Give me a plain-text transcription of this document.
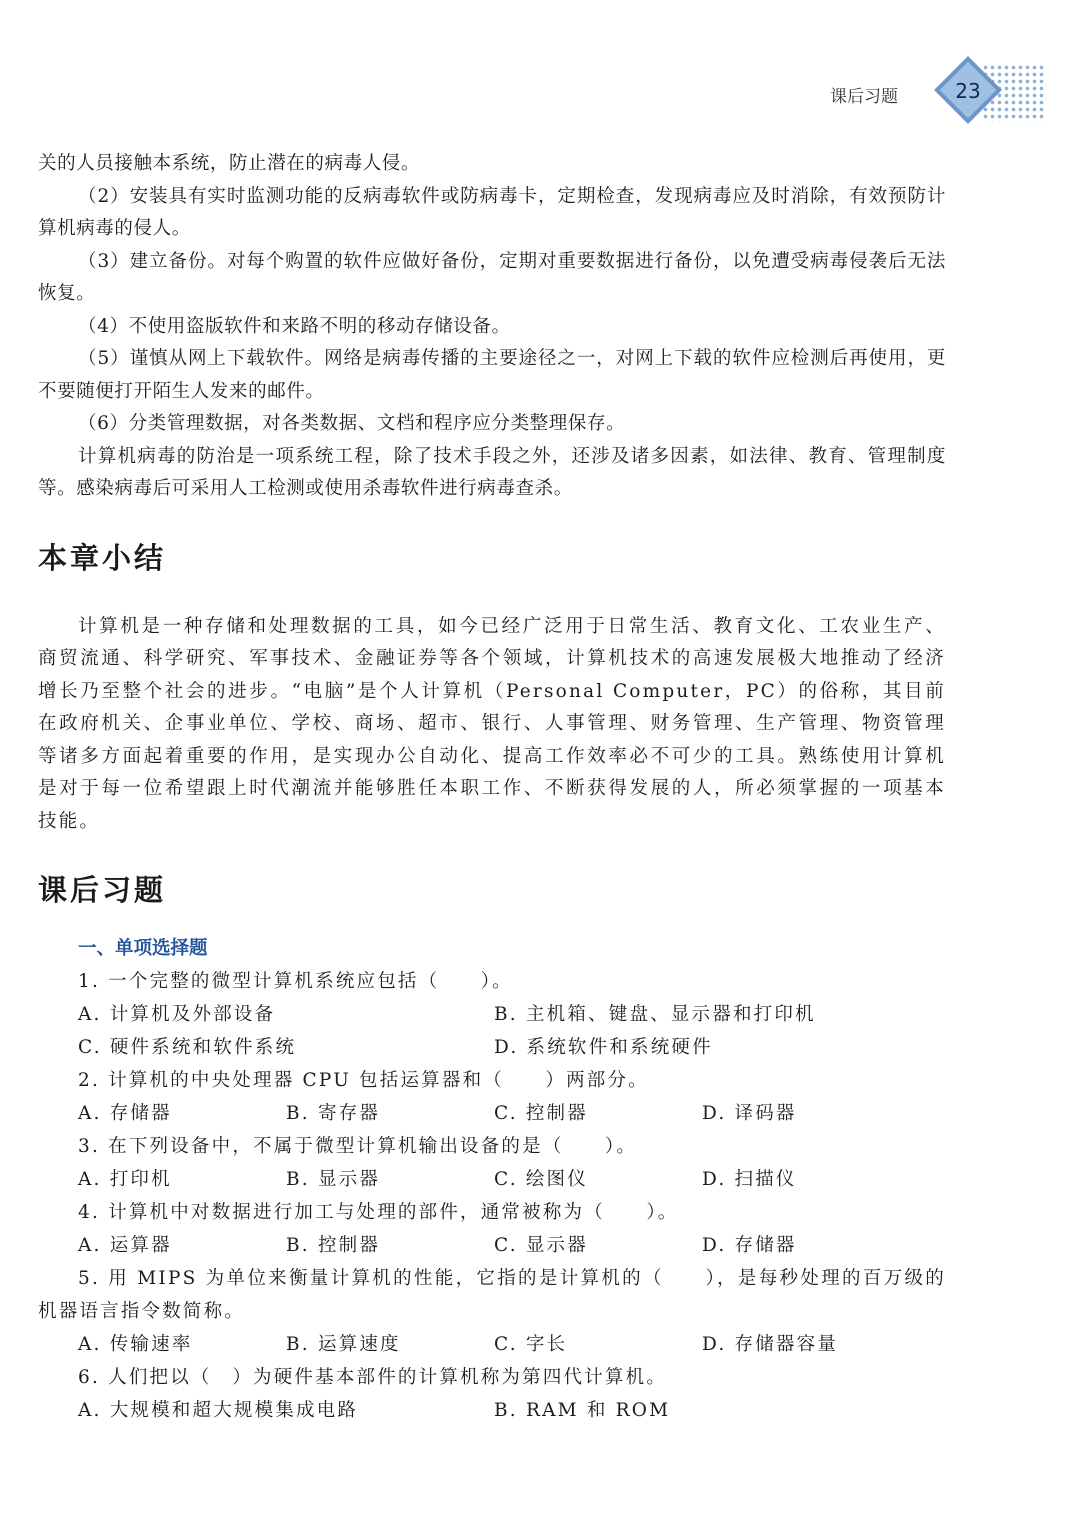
课后习题	23

关的人员接触本系统，防止潜在的病毒人侵。

（2）安装具有实时监测功能的反病毒软件或防病毒卡，定期检查，发现病毒应及时消除，有效预防计算机病毒的侵人。

（3）建立备份。对每个购置的软件应做好备份，定期对重要数据进行备份，以免遭受病毒侵袭后无法恢复。

（4）不使用盗版软件和来路不明的移动存储设备。

（5）谨慎从网上下载软件。网络是病毒传播的主要途径之一，对网上下载的软件应检测后再使用，更不要随便打开陌生人发来的邮件。

（6）分类管理数据，对各类数据、文档和程序应分类整理保存。

计算机病毒的防治是一项系统工程，除了技术手段之外，还涉及诸多因素，如法律、教育、管理制度等。感染病毒后可采用人工检测或使用杀毒软件进行病毒查杀。

本章小结

计算机是一种存储和处理数据的工具，如今已经广泛用于日常生活、教育文化、工农业生产、商贸流通、科学研究、军事技术、金融证券等各个领域，计算机技术的高速发展极大地推动了经济增长乃至整个社会的进步。“电脑”是个人计算机（Personal Computer，PC）的俗称，其目前在政府机关、企事业单位、学校、商场、超市、银行、人事管理、财务管理、生产管理、物资管理等诸多方面起着重要的作用，是实现办公自动化、提高工作效率必不可少的工具。熟练使用计算机是对于每一位希望跟上时代潮流并能够胜任本职工作、不断获得发展的人，所必须掌握的一项基本技能。

课后习题

一、单项选择题

1. 一个完整的微型计算机系统应包括（　　）。

A. 计算机及外部设备	B. 主机箱、键盘、显示器和打印机
C. 硬件系统和软件系统	D. 系统软件和系统硬件

2. 计算机的中央处理器 CPU 包括运算器和（　　）两部分。

A. 存储器	B. 寄存器	C. 控制器	D. 译码器

3. 在下列设备中，不属于微型计算机输出设备的是（　　）。

A. 打印机	B. 显示器	C. 绘图仪	D. 扫描仪

4. 计算机中对数据进行加工与处理的部件，通常被称为（　　）。

A. 运算器	B. 控制器	C. 显示器	D. 存储器

5. 用 MIPS 为单位来衡量计算机的性能，它指的是计算机的（　　），是每秒处理的百万级的机器语言指令数简称。

A. 传输速率	B. 运算速度	C. 字长	D. 存储器容量

6. 人们把以（　）为硬件基本部件的计算机称为第四代计算机。

A. 大规模和超大规模集成电路	B. RAM 和 ROM
